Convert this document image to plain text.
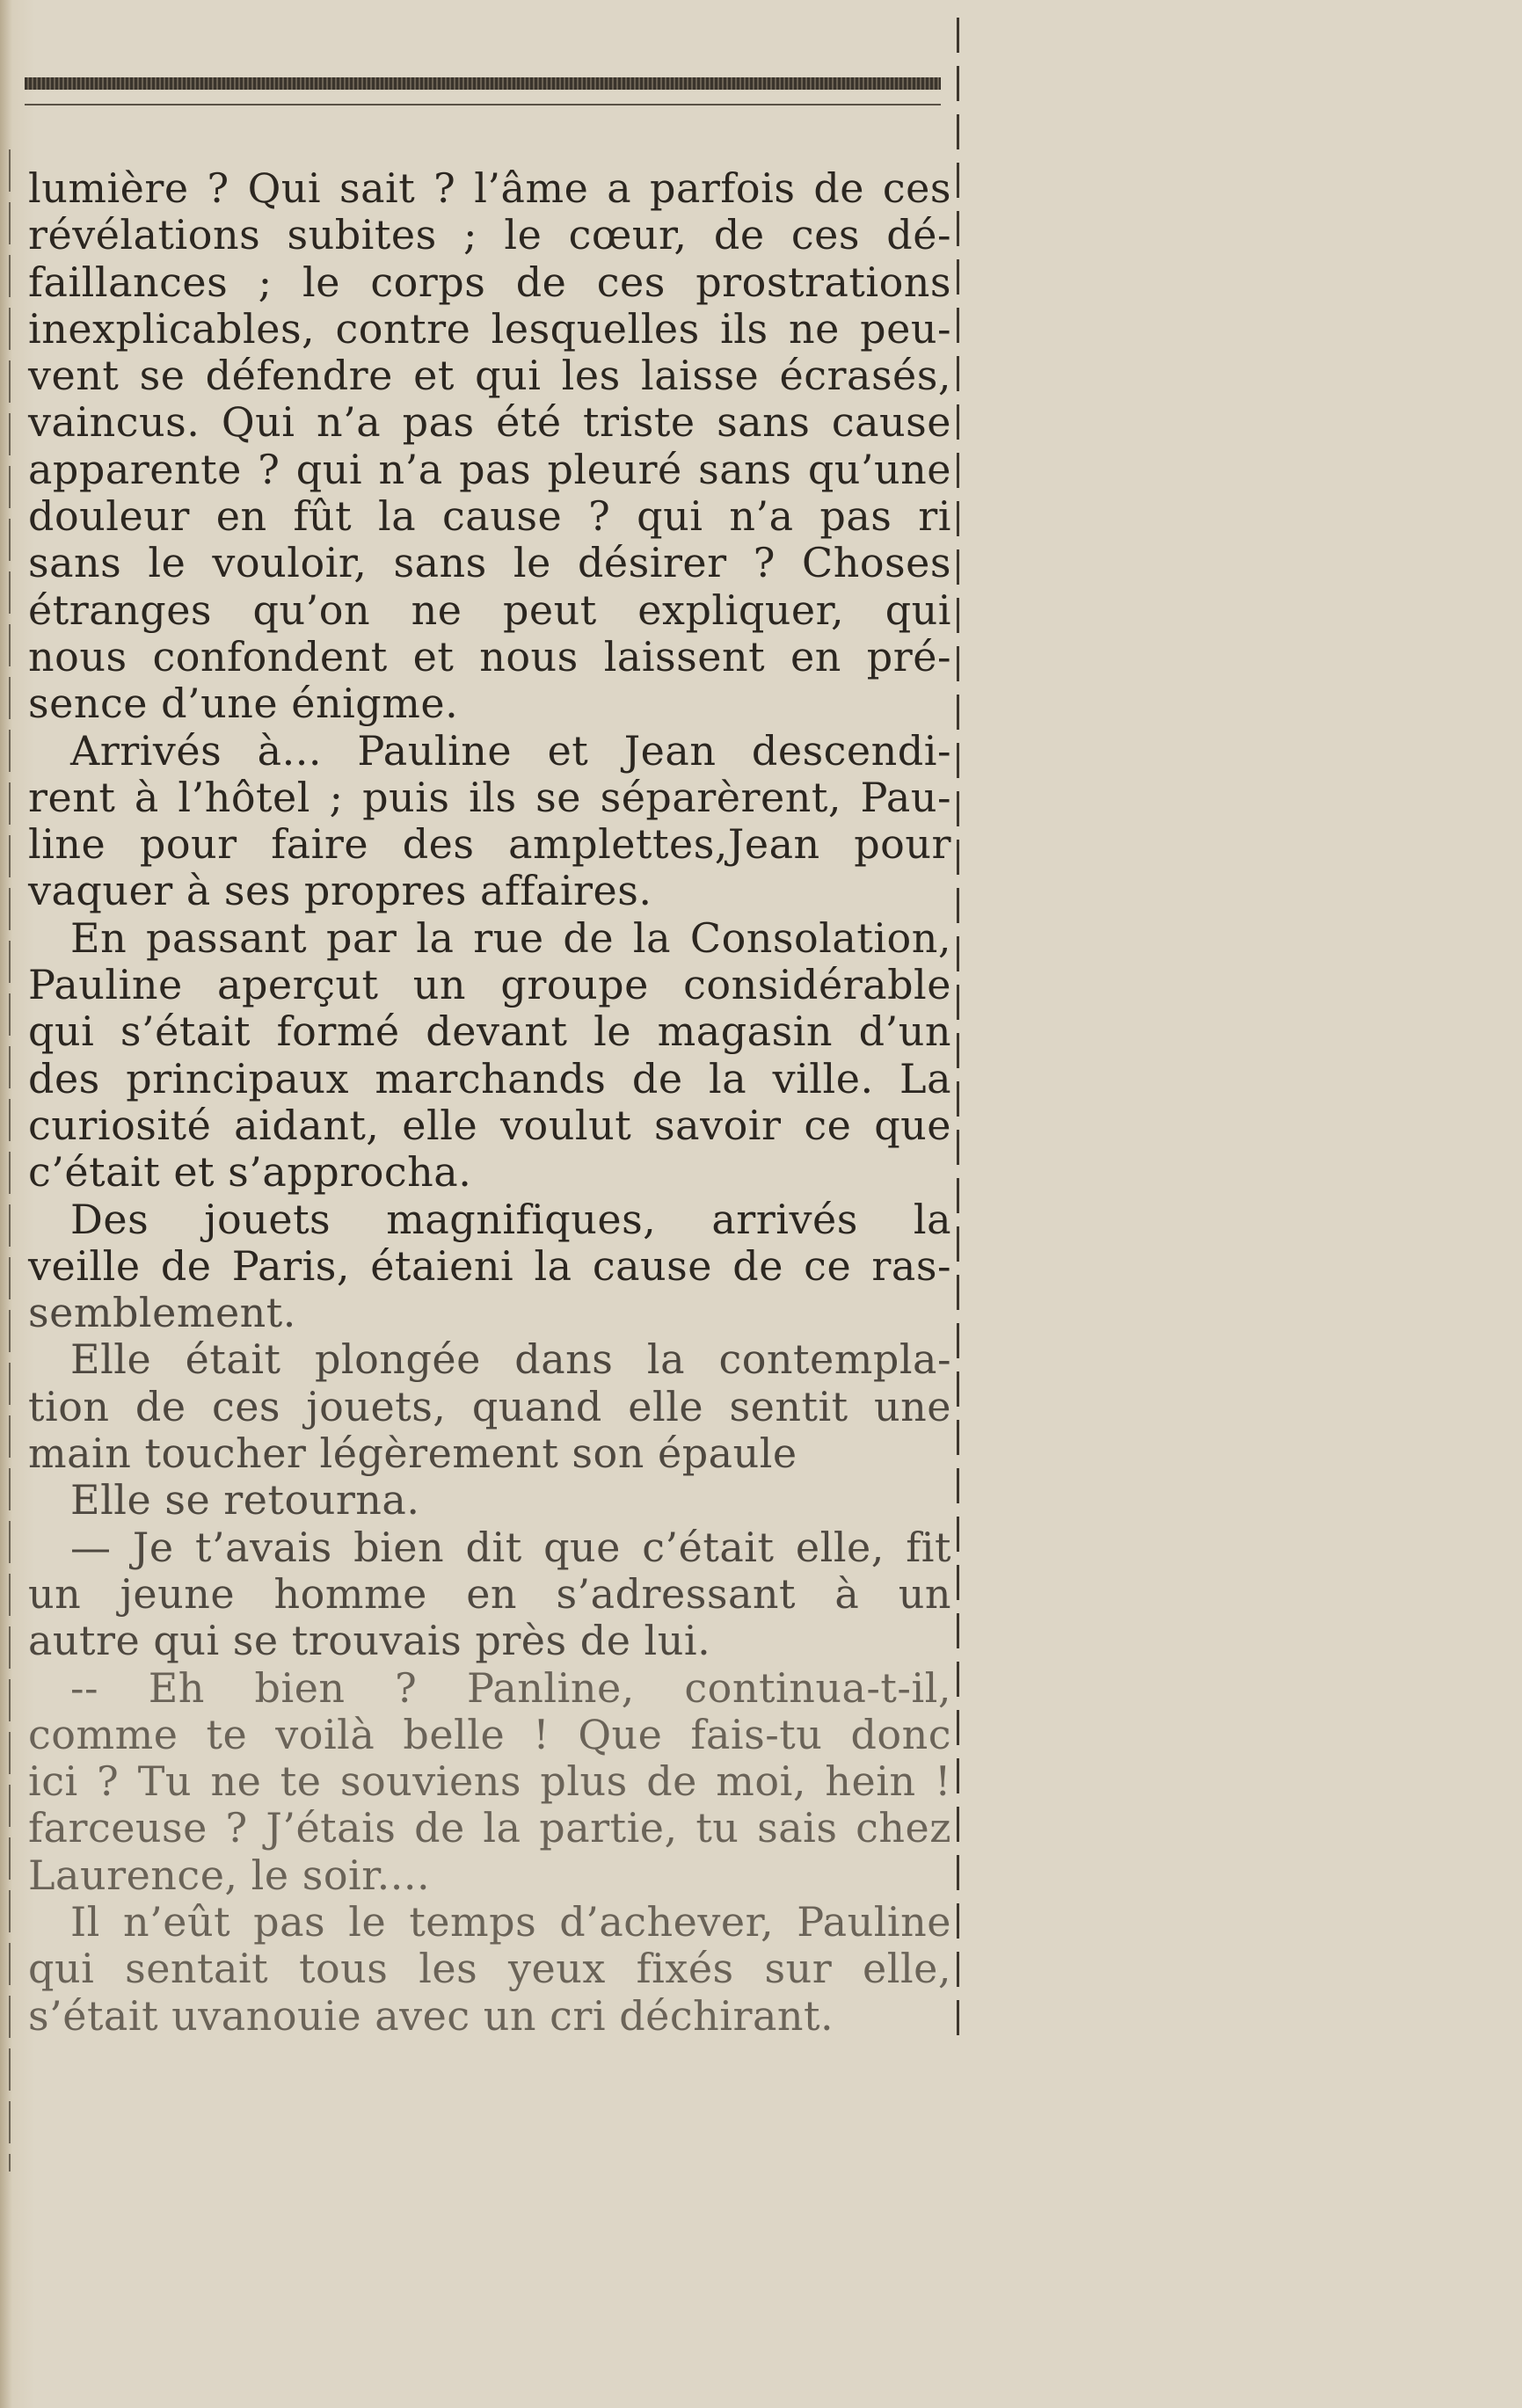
lumière ? Qui sait ? l’âme a parfois de ces
révélations subites ; le cœur, de ces dé-
faillances ; le corps de ces prostrations
inexplicables, contre lesquelles ils ne peu-
vent se défendre et qui les laisse écrasés,
vaincus. Qui n’a pas été triste sans cause
apparente ? qui n’a pas pleuré sans qu’une
douleur en fût la cause ? qui n’a pas ri
sans le vouloir, sans le désirer ? Choses
étranges qu’on ne peut expliquer, qui
nous confondent et nous laissent en pré-
sence d’une énigme.
Arrivés à... Pauline et Jean descendi-
rent à l’hôtel ; puis ils se séparèrent, Pau-
line pour faire des amplettes,Jean pour
vaquer à ses propres affaires.
En passant par la rue de la Consolation,
Pauline aperçut un groupe considérable
qui s’était formé devant le magasin d’un
des principaux marchands de la ville. La
curiosité aidant, elle voulut savoir ce que
c’était et s’approcha.
Des jouets magnifiques, arrivés la
veille de Paris, étaieni la cause de ce ras-
semblement.
Elle était plongée dans la contempla-
tion de ces jouets, quand elle sentit une
main toucher légèrement son épaule
Elle se retourna.
— Je t’avais bien dit que c’était elle, fit
un jeune homme en s’adressant à un
autre qui se trouvais près de lui.
-- Eh bien ? Panline, continua-t-il,
comme te voilà belle ! Que fais-tu donc
ici ? Tu ne te souviens plus de moi, hein !
farceuse ? J’étais de la partie, tu sais chez
Laurence, le soir....
Il n’eût pas le temps d’achever, Pauline
qui sentait tous les yeux fixés sur elle,
s’était uvanouie avec un cri déchirant.
